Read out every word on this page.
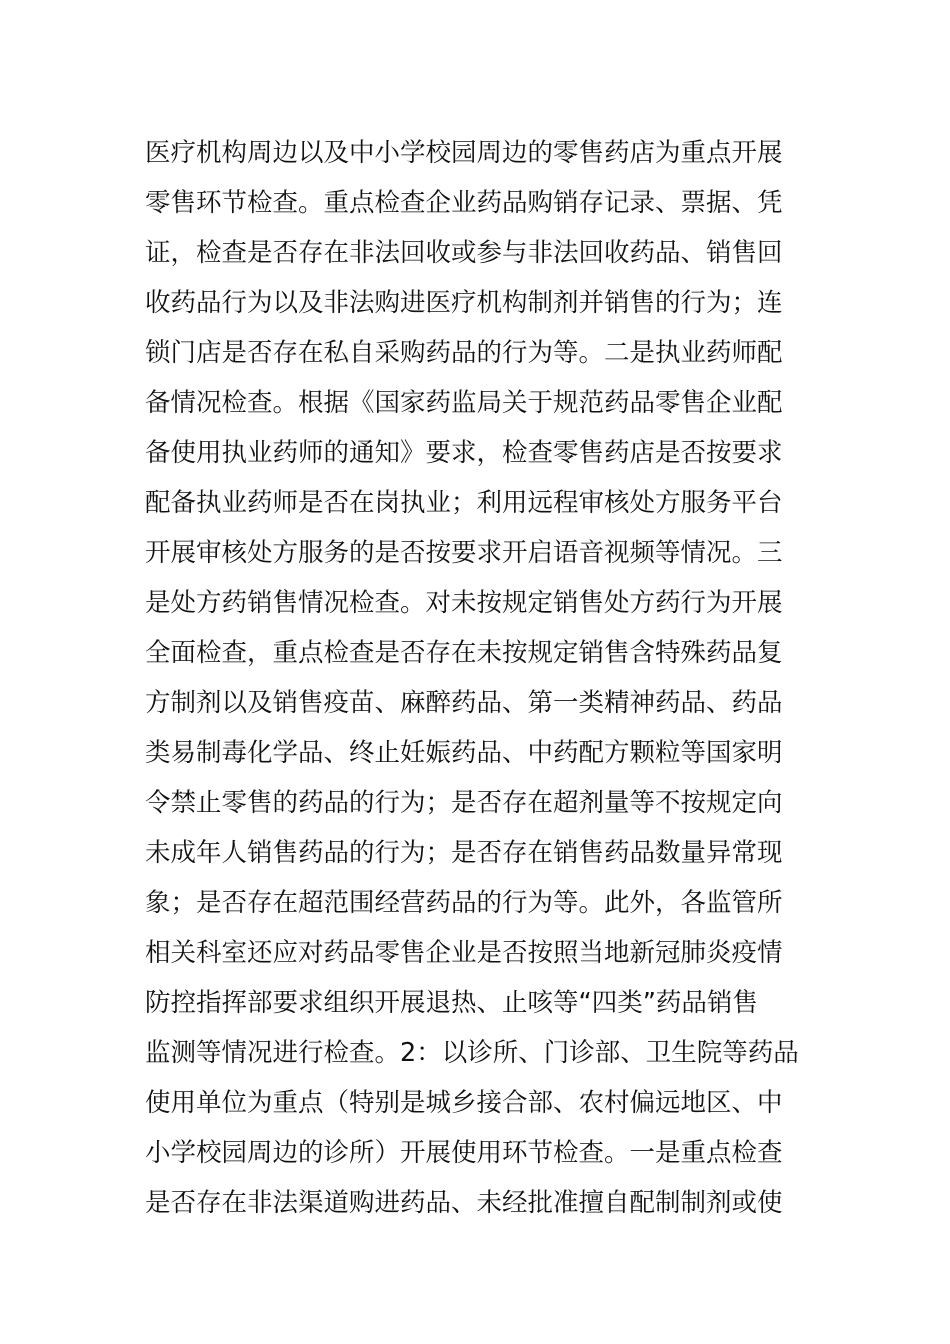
医疗机构周边以及中小学校园周边的零售药店为重点开展
零售环节检查。重点检查企业药品购销存记录、票据、凭
证，检查是否存在非法回收或参与非法回收药品、销售回
收药品行为以及非法购进医疗机构制剂并销售的行为；连
锁门店是否存在私自采购药品的行为等。二是执业药师配
备情况检查。根据《国家药监局关于规范药品零售企业配
备使用执业药师的通知》要求，检查零售药店是否按要求
配备执业药师是否在岗执业；利用远程审核处方服务平台
开展审核处方服务的是否按要求开启语音视频等情况。三
是处方药销售情况检查。对未按规定销售处方药行为开展
全面检查，重点检查是否存在未按规定销售含特殊药品复
方制剂以及销售疫苗、麻醉药品、第一类精神药品、药品
类易制毒化学品、终止妊娠药品、中药配方颗粒等国家明
令禁止零售的药品的行为；是否存在超剂量等不按规定向
未成年人销售药品的行为；是否存在销售药品数量异常现
象；是否存在超范围经营药品的行为等。此外，各监管所
相关科室还应对药品零售企业是否按照当地新冠肺炎疫情
防控指挥部要求组织开展退热、止咳等“四类”药品销售
监测等情况进行检查。2：以诊所、门诊部、卫生院等药品
使用单位为重点（特别是城乡接合部、农村偏远地区、中
小学校园周边的诊所）开展使用环节检查。一是重点检查
是否存在非法渠道购进药品、未经批准擅自配制制剂或使
